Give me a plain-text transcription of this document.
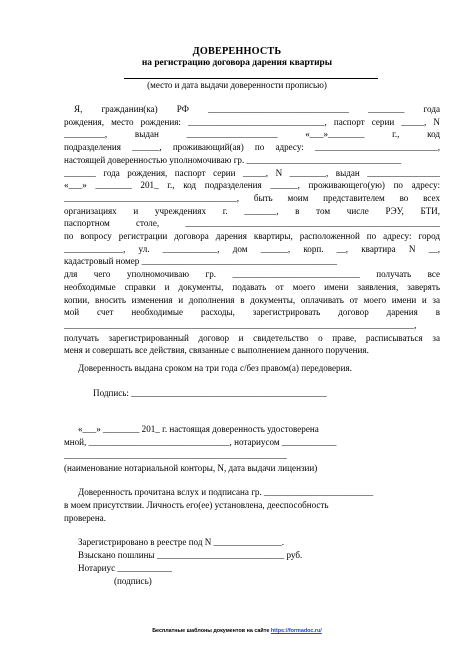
ДОВЕРЕННОСТЬ
на регистрацию договора дарения квартиры
(место и дата выдачи доверенности прописью)
Я, гражданин(ка) РФ _______________________________ ________ года
рождения, место рождения: ______________________________, паспорт серии _____, N
_________, выдан ____________________ «___»________ г., код
подразделения ______, проживающий(ая) по адресу: ___________________________,
настоящей доверенностью уполномочиваю гр. __________________________________
_______ года рождения, паспорт серии _____, N ________, выдан ________________
«___» ________ 201_ г., код подразделения ______, проживающего(ую) по адресу:
______________________________________, быть моим представителем во всех
организациях и учреждениях г. _______, в том числе РЭУ, БТИ,
паспортном столе, ________________________________________________________
по вопросу регистрации договора дарения квартиры, расположенной по адресу: город
_____________, ул. ____________, дом ______, корп. __, квартира N __,
кадастровый номер ___________________________________________
для чего уполномочиваю гр. ____________________________ получать все
необходимые справки и документы, подавать от моего имени заявления, заверять
копии, вносить изменения и дополнения в документы, оплачивать от моего имени и за
мой счет необходимые расходы, зарегистрировать договор дарения в
_____________________________________________________________________________,
получать зарегистрированный договор и свидетельство о праве, расписываться за
меня и совершать все действия, связанные с выполнением данного поручения.
Доверенность выдана сроком на три года с/без правом(а) передоверия.
Подпись: ___________________________________________
«___» ________ 201_ г. настоящая доверенность удостоверена
мной, _______________________________, нотариусом ____________
_________________________________________________
(наименование нотариальной конторы, N, дата выдачи лицензии)
Доверенность прочитана вслух и подписана гр. ________________________
в моем присутствии. Личность его(ее) установлена, дееспособность
проверена.
Зарегистрировано в реестре под N _______________.
Взыскано пошлины ____________________________ руб.
Нотариус ____________
(подпись)
Бесплатные шаблоны документов на сайте https://formadoc.ru/
